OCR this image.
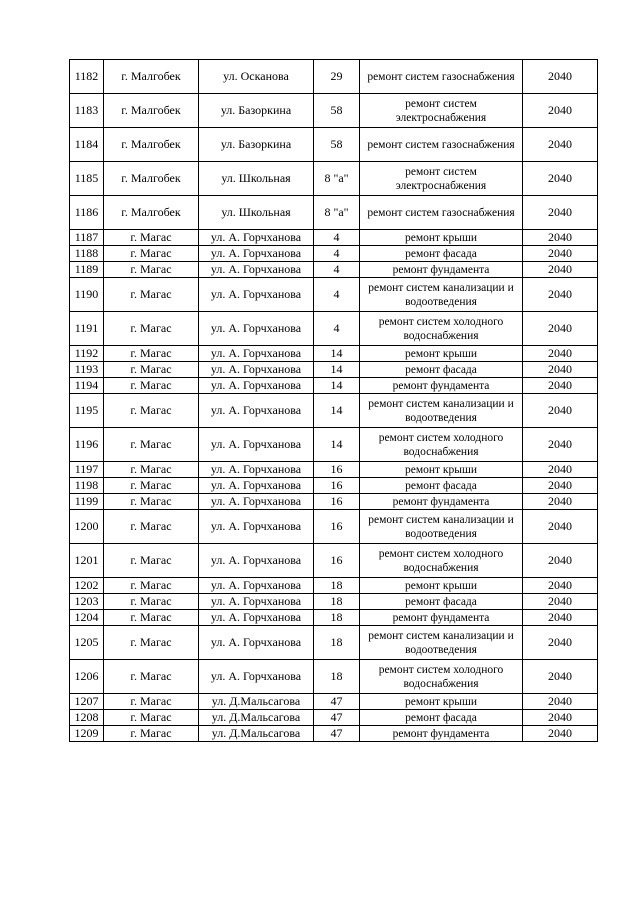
1182	г. Малгобек	ул. Осканова	29	ремонт систем газоснабжения	2040
1183	г. Малгобек	ул. Базоркина	58	ремонт систем электроснабжения	2040
1184	г. Малгобек	ул. Базоркина	58	ремонт систем газоснабжения	2040
1185	г. Малгобек	ул. Школьная	8 "а"	ремонт систем электроснабжения	2040
1186	г. Малгобек	ул. Школьная	8 "а"	ремонт систем газоснабжения	2040
1187	г. Магас	ул. А. Горчханова	4	ремонт крыши	2040
1188	г. Магас	ул. А. Горчханова	4	ремонт фасада	2040
1189	г. Магас	ул. А. Горчханова	4	ремонт фундамента	2040
1190	г. Магас	ул. А. Горчханова	4	ремонт систем канализации и водоотведения	2040
1191	г. Магас	ул. А. Горчханова	4	ремонт систем холодного водоснабжения	2040
1192	г. Магас	ул. А. Горчханова	14	ремонт крыши	2040
1193	г. Магас	ул. А. Горчханова	14	ремонт фасада	2040
1194	г. Магас	ул. А. Горчханова	14	ремонт фундамента	2040
1195	г. Магас	ул. А. Горчханова	14	ремонт систем канализации и водоотведения	2040
1196	г. Магас	ул. А. Горчханова	14	ремонт систем холодного водоснабжения	2040
1197	г. Магас	ул. А. Горчханова	16	ремонт крыши	2040
1198	г. Магас	ул. А. Горчханова	16	ремонт фасада	2040
1199	г. Магас	ул. А. Горчханова	16	ремонт фундамента	2040
1200	г. Магас	ул. А. Горчханова	16	ремонт систем канализации и водоотведения	2040
1201	г. Магас	ул. А. Горчханова	16	ремонт систем холодного водоснабжения	2040
1202	г. Магас	ул. А. Горчханова	18	ремонт крыши	2040
1203	г. Магас	ул. А. Горчханова	18	ремонт фасада	2040
1204	г. Магас	ул. А. Горчханова	18	ремонт фундамента	2040
1205	г. Магас	ул. А. Горчханова	18	ремонт систем канализации и водоотведения	2040
1206	г. Магас	ул. А. Горчханова	18	ремонт систем холодного водоснабжения	2040
1207	г. Магас	ул. Д.Мальсагова	47	ремонт крыши	2040
1208	г. Магас	ул. Д.Мальсагова	47	ремонт фасада	2040
1209	г. Магас	ул. Д.Мальсагова	47	ремонт фундамента	2040
